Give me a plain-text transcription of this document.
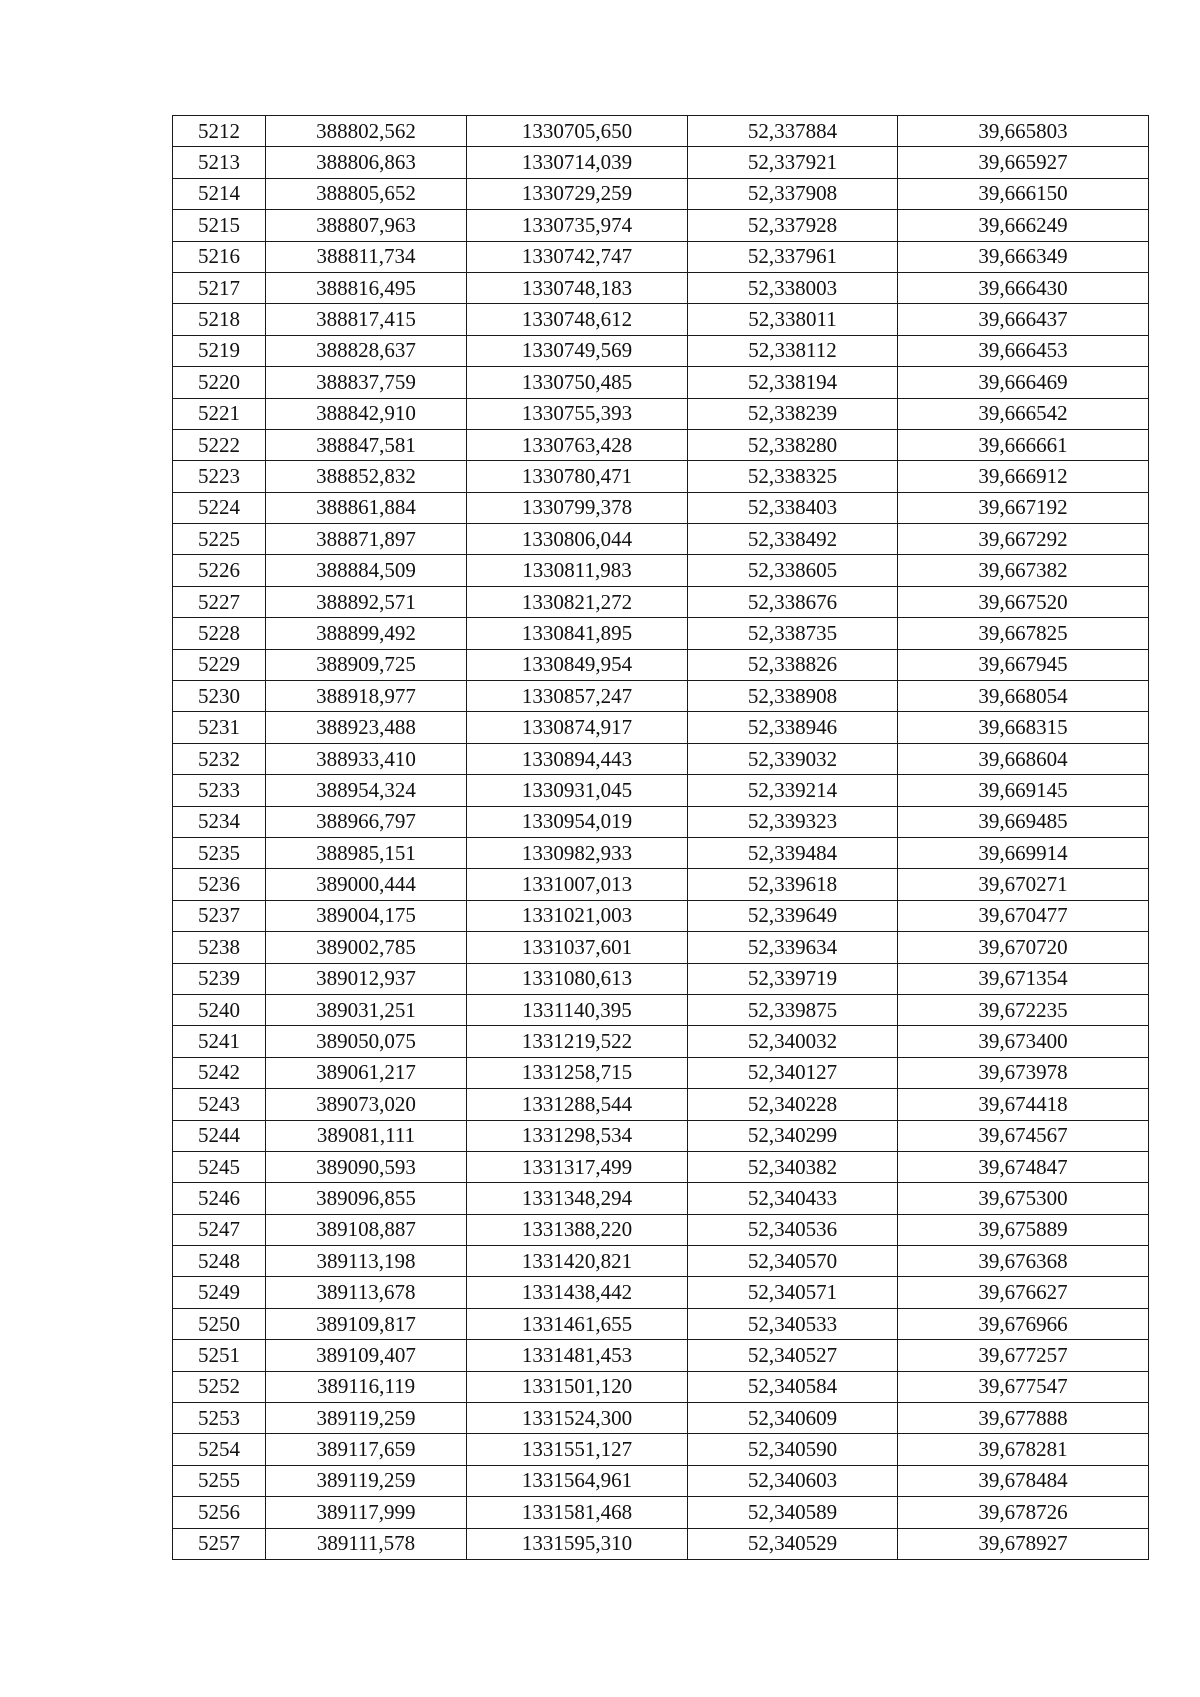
5212	388802,562	1330705,650	52,337884	39,665803
5213	388806,863	1330714,039	52,337921	39,665927
5214	388805,652	1330729,259	52,337908	39,666150
5215	388807,963	1330735,974	52,337928	39,666249
5216	388811,734	1330742,747	52,337961	39,666349
5217	388816,495	1330748,183	52,338003	39,666430
5218	388817,415	1330748,612	52,338011	39,666437
5219	388828,637	1330749,569	52,338112	39,666453
5220	388837,759	1330750,485	52,338194	39,666469
5221	388842,910	1330755,393	52,338239	39,666542
5222	388847,581	1330763,428	52,338280	39,666661
5223	388852,832	1330780,471	52,338325	39,666912
5224	388861,884	1330799,378	52,338403	39,667192
5225	388871,897	1330806,044	52,338492	39,667292
5226	388884,509	1330811,983	52,338605	39,667382
5227	388892,571	1330821,272	52,338676	39,667520
5228	388899,492	1330841,895	52,338735	39,667825
5229	388909,725	1330849,954	52,338826	39,667945
5230	388918,977	1330857,247	52,338908	39,668054
5231	388923,488	1330874,917	52,338946	39,668315
5232	388933,410	1330894,443	52,339032	39,668604
5233	388954,324	1330931,045	52,339214	39,669145
5234	388966,797	1330954,019	52,339323	39,669485
5235	388985,151	1330982,933	52,339484	39,669914
5236	389000,444	1331007,013	52,339618	39,670271
5237	389004,175	1331021,003	52,339649	39,670477
5238	389002,785	1331037,601	52,339634	39,670720
5239	389012,937	1331080,613	52,339719	39,671354
5240	389031,251	1331140,395	52,339875	39,672235
5241	389050,075	1331219,522	52,340032	39,673400
5242	389061,217	1331258,715	52,340127	39,673978
5243	389073,020	1331288,544	52,340228	39,674418
5244	389081,111	1331298,534	52,340299	39,674567
5245	389090,593	1331317,499	52,340382	39,674847
5246	389096,855	1331348,294	52,340433	39,675300
5247	389108,887	1331388,220	52,340536	39,675889
5248	389113,198	1331420,821	52,340570	39,676368
5249	389113,678	1331438,442	52,340571	39,676627
5250	389109,817	1331461,655	52,340533	39,676966
5251	389109,407	1331481,453	52,340527	39,677257
5252	389116,119	1331501,120	52,340584	39,677547
5253	389119,259	1331524,300	52,340609	39,677888
5254	389117,659	1331551,127	52,340590	39,678281
5255	389119,259	1331564,961	52,340603	39,678484
5256	389117,999	1331581,468	52,340589	39,678726
5257	389111,578	1331595,310	52,340529	39,678927
